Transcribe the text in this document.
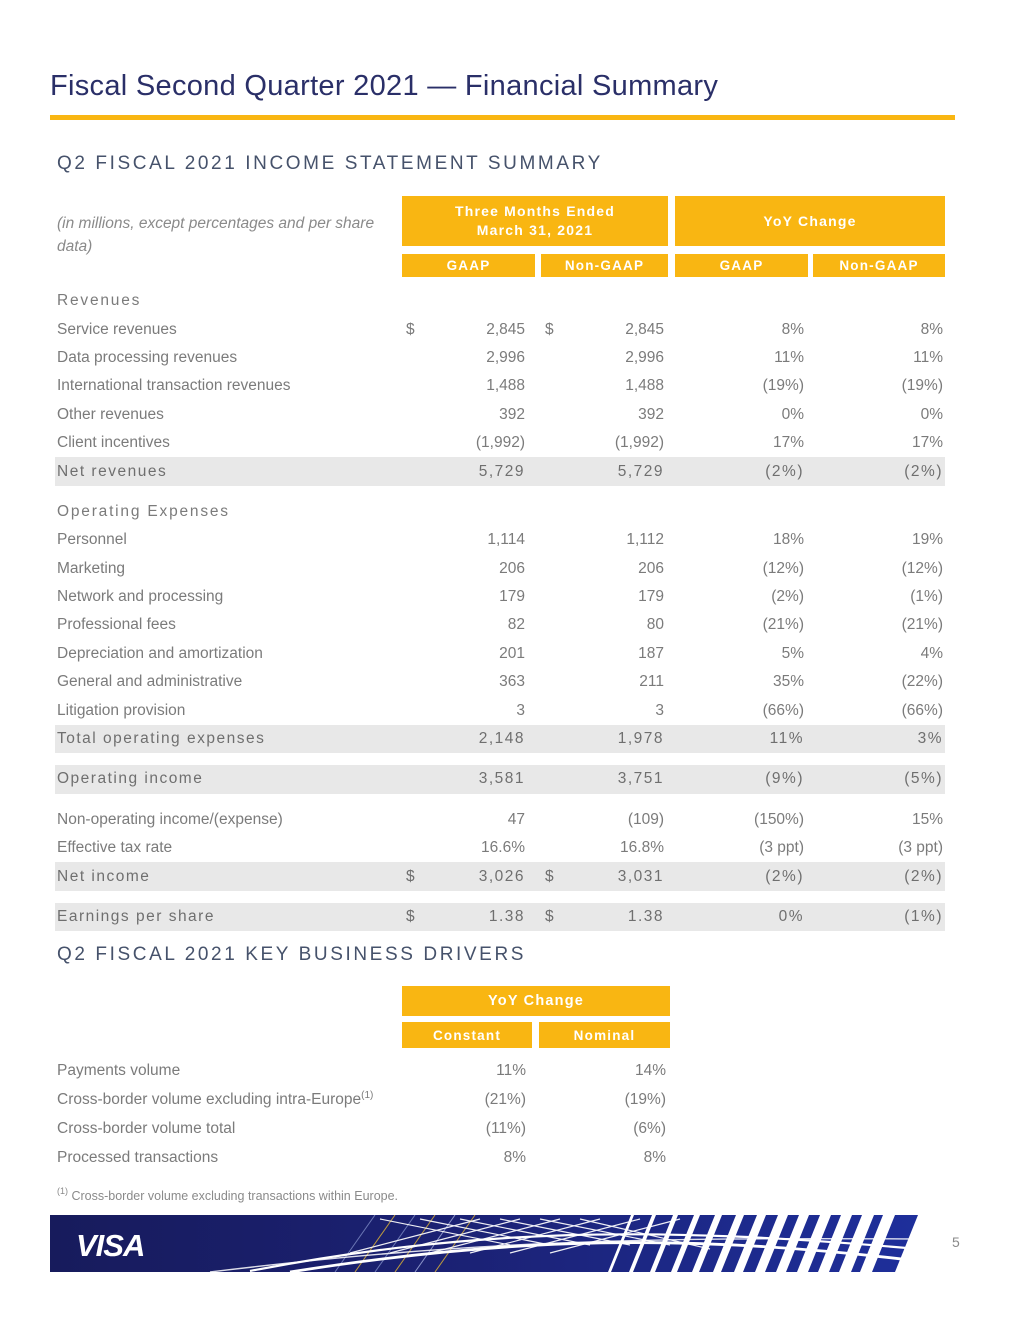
Fiscal Second Quarter 2021 — Financial Summary
Q2 FISCAL 2021 INCOME STATEMENT SUMMARY
(in millions, except percentages and per share data)
Three Months Ended
March 31, 2021
YoY Change
GAAP	Non-GAAP	GAAP	Non-GAAP
Revenues
Service revenues	$	2,845 $	2,845	8%	8%
Data processing revenues	2,996	2,996	11%	11%
International transaction revenues	1,488	1,488	(19%)	(19%)
Other revenues	392	392	0%	0%
Client incentives	(1,992)	(1,992)	17%	17%
Net revenues	5,729	5,729	(2%)	(2%)
Operating Expenses
Personnel	1,114	1,112	18%	19%
Marketing	206	206	(12%)	(12%)
Network and processing	179	179	(2%)	(1%)
Professional fees	82	80	(21%)	(21%)
Depreciation and amortization	201	187	5%	4%
General and administrative	363	211	35%	(22%)
Litigation provision	3	3	(66%)	(66%)
Total operating expenses	2,148	1,978	11%	3%
Operating income	3,581	3,751	(9%)	(5%)
Non-operating income/(expense)	47	(109)	(150%)	15%
Effective tax rate	16.6%	16.8%	(3 ppt)	(3 ppt)
Net income	$	3,026 $	3,031	(2%)	(2%)
Earnings per share	$	1.38 $	1.38	0%	(1%)
Q2 FISCAL 2021 KEY BUSINESS DRIVERS
YoY Change
Constant	Nominal
Payments volume	11%	14%
Cross-border volume excluding intra-Europe$^{(1)}$	(21%)	(19%)
Cross-border volume total	(11%)	(6%)
Processed transactions	8%	8%
$^{(1)}$ Cross-border volume excluding transactions within Europe.
VISA	5
